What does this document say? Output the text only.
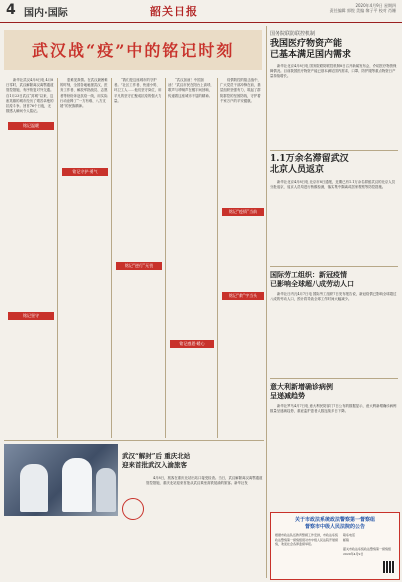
4 国内·国际	韶关日报	2020年4月9日 星期四
责任编辑 郭悦 美编 黎子平 校对 肖姗
武汉战“疫”中的铭记时刻
新华社武汉4月8日电 4月8日零时，武汉解除离汉离鄂通道管控措施，有序恢复对外交通。自1月23日武汉“封城”以来，这座英雄的城市经历了艰苦卓绝的抗疫斗争。回首76个日夜，无数感人瞬间令人铭记。
铭记温暖
铭记坚守
患难见真情。在武汉最困难的时刻，全国各地驰援武汉，医务工作者、解放军指战员、志愿者等纷纷奔赴抗疫一线，用实际行动诠释了“一方有难、八方支援”的民族精神。
铭记守护·勇气
“我们是这座城市的守护者。”社区工作者、快递小哥、环卫工人……他们坚守岗位，用平凡的坚守汇聚成抗疫的强大力量。
铭记“逆行”无畏
“武汉加油！中国加油！”武汉市民在阳台上高呼，歌声与呼喊声在楼宇间回响，传递着这座城市不屈的精神。
铭记感恩·暖心
疫情防控的阻击战中，广大党员干部冲锋在前，基层组织坚强有力，筑起了群防群控的坚固防线，守护着千家万户的平安健康。
铭记“疫情”当前
铭记“救”字当头
国务院联防联控机制
我国医疗物资产能
已基本满足国内需求
新华社北京4月8日电 国务院联防联控机制8日召开新闻发布会，介绍医疗物资保障情况。目前我国医疗物资产能已基本满足国内需求，口罩、防护服等重点物资日产量持续增长。
1.1万余名滞留武汉
北京人员返京
新华社北京4月8日电 北京市8日通报，近期已有1.1万余名滞留武汉的北京人员分批返京，返京人员均进行核酸检测，落实集中隔离或居家观察等防控措施。
国际劳工组织：新冠疫情
已影响全球超八成劳动人口
新华社日内瓦4月7日电 国际劳工组织7日发布报告说，新冠疫情已影响全球超过八成的劳动人口，预计将导致全球工作时间大幅减少。
意大利新增确诊病例
呈递减趋势
新华社罗马4月7日电 意大利民防部门7日公布的数据显示，意大利新增确诊病例数量呈递减趋势，重症监护患者人数连续多日下降。
武汉“解封”后 重庆北站
迎来首批武汉入渝旅客
4月8日，旅客在重庆北站出站口接受检查。当日，武汉解除离汉离鄂通道管控措施，重庆北站迎来首批从武汉乘坐高铁抵渝的旅客。新华社发
关于市政法系统政法警察第一督察组
督察市中级人民法院的公告
根据市政法队伍教育整顿工作安排，市政法系统政法警察第一督察组现对市中级人民法院开展督察，欢迎社会各界监督举报。
联系电话
邮箱
韶关市政法系统政法警察第一督察组
2020年4月9日
